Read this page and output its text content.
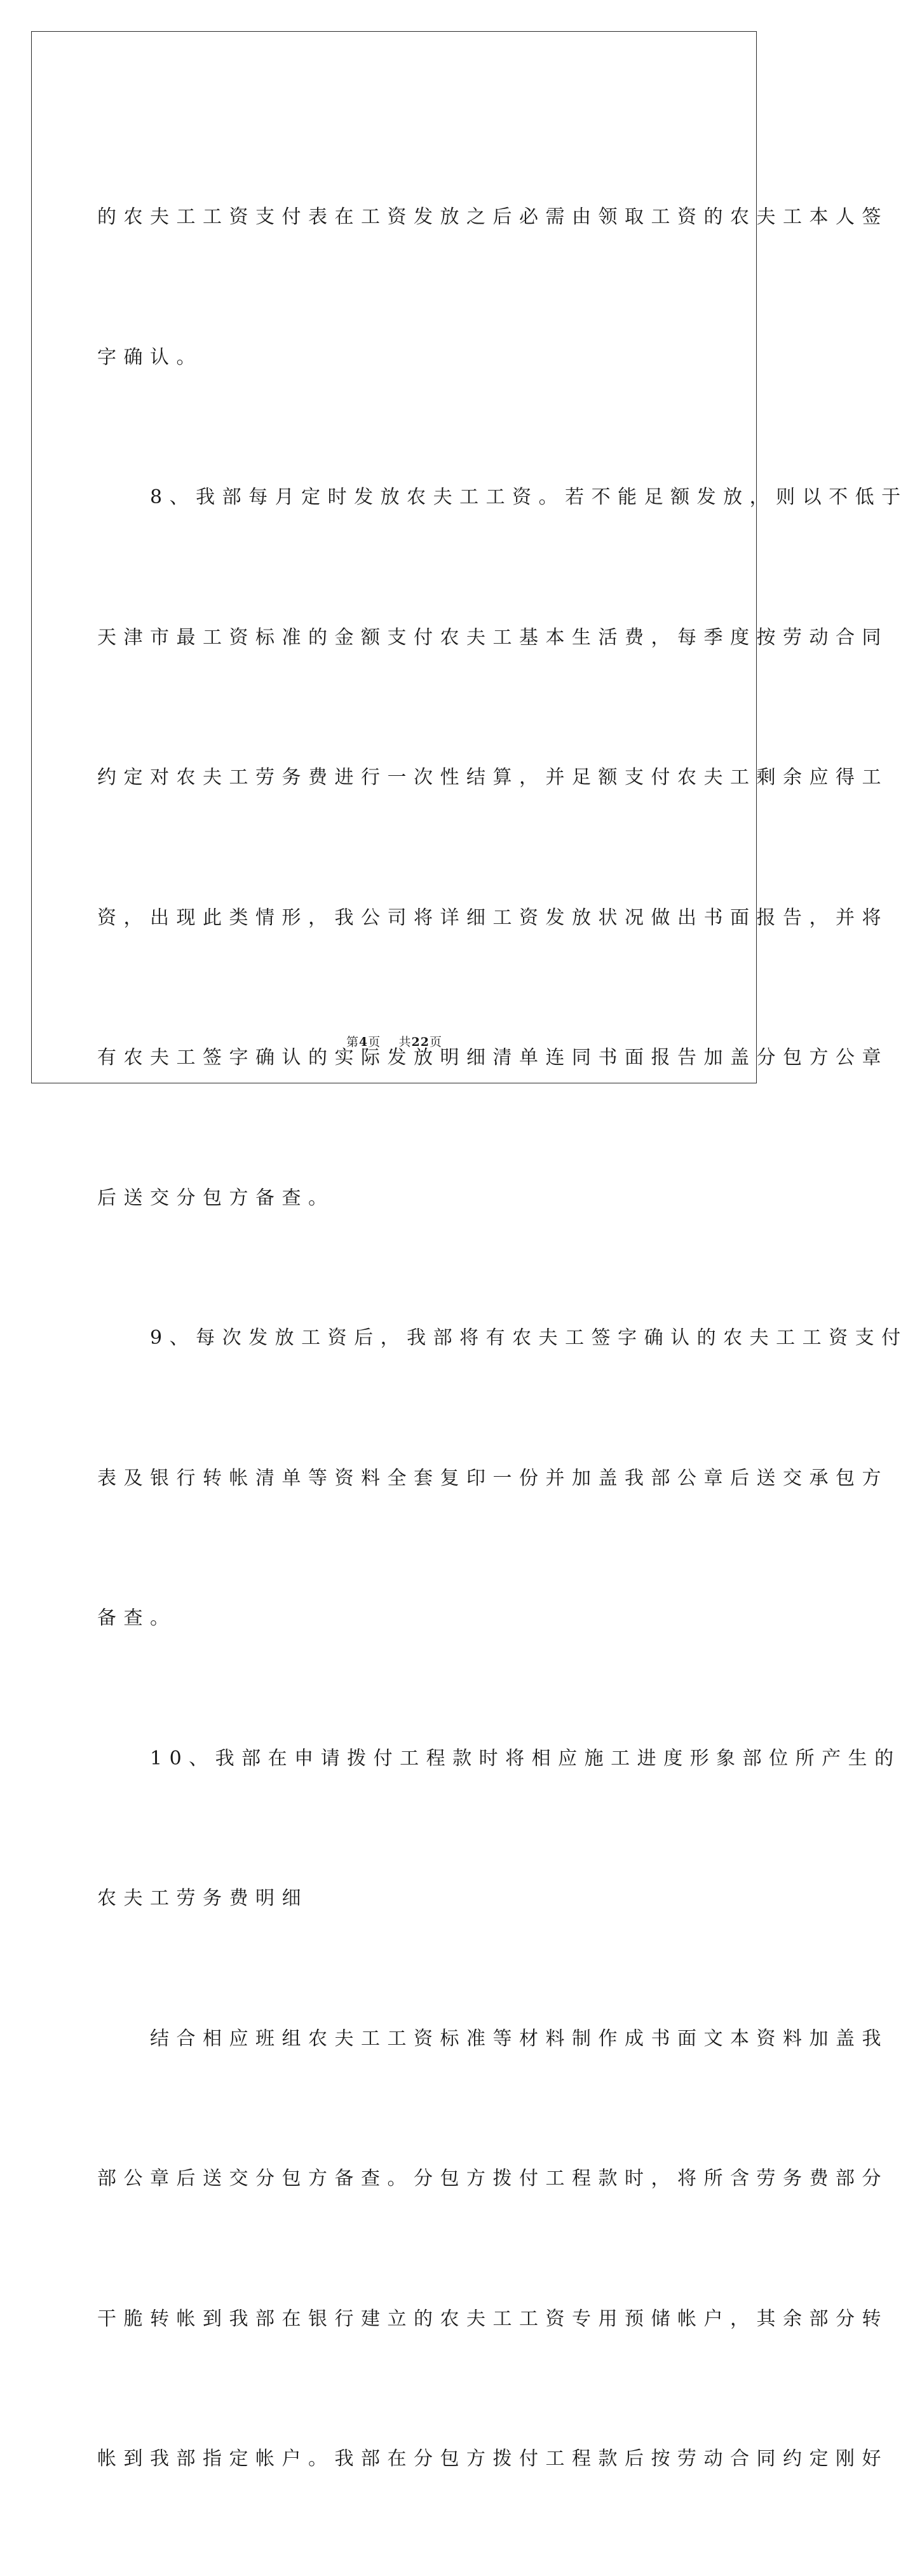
的农夫工工资支付表在工资发放之后必需由领取工资的农夫工本人签

字确认。

　　8、我部每月定时发放农夫工工资。若不能足额发放，则以不低于

天津市最工资标准的金额支付农夫工基本生活费，每季度按劳动合同

约定对农夫工劳务费进行一次性结算，并足额支付农夫工剩余应得工

资，出现此类情形，我公司将详细工资发放状况做出书面报告，并将

有农夫工签字确认的实际发放明细清单连同书面报告加盖分包方公章

后送交分包方备查。

　　9、每次发放工资后，我部将有农夫工签字确认的农夫工工资支付

表及银行转帐清单等资料全套复印一份并加盖我部公章后送交承包方

备查。

　　10、我部在申请拨付工程款时将相应施工进度形象部位所产生的

农夫工劳务费明细

　　结合相应班组农夫工工资标准等材料制作成书面文本资料加盖我

部公章后送交分包方备查。分包方拨付工程款时，将所含劳务费部分

干脆转帐到我部在银行建立的农夫工工资专用预储帐户，其余部分转

帐到我部指定帐户。我部在分包方拨付工程款后按劳动合同约定刚好

第4页 共22页
